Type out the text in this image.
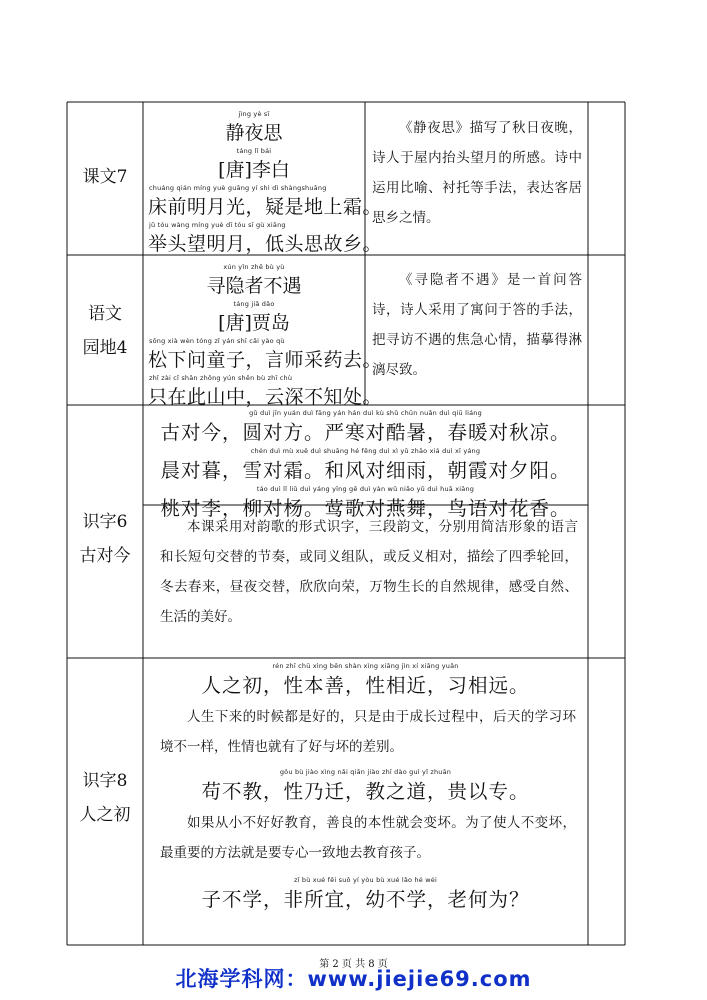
课文7
jìng yè sī
静夜思
táng lǐ bái
[唐]李白
chuáng qián míng yuè guāng yí shì dì shàngshuāng
床前明月光，疑是地上霜。
jǔ tóu wàng míng yuè dī tóu sī gù xiāng
举头望明月，低头思故乡。
《静夜思》描写了秋日夜晚，诗人于屋内抬头望月的所感。诗中运用比喻、衬托等手法，表达客居思乡之情。
语文
园地4
xún yǐn zhě bù yù
寻隐者不遇
táng jiǎ dǎo
[唐]贾岛
sōng xià wèn tóng zǐ yán shī cǎi yào qù
松下问童子，言师采药去。
zhǐ zài cǐ shān zhōng yún shēn bù zhī chù
只在此山中，云深不知处。
《寻隐者不遇》是一首问答诗，诗人采用了寓问于答的手法，把寻访不遇的焦急心情，描摹得淋漓尽致。
识字6
古对今
gǔ duì jīn yuán duì fāng yán hán duì kù shǔ chūn nuǎn duì qiū liáng
古对今，圆对方。严寒对酷暑，春暖对秋凉。
chén duì mù xuě duì shuāng hé fēng duì xì yǔ zhāo xiá duì xī yáng
晨对暮，雪对霜。和风对细雨，朝霞对夕阳。
táo duì lǐ liǔ duì yáng yīng gē duì yàn wǔ niǎo yǔ duì huā xiāng
桃对李，柳对杨。莺歌对燕舞，鸟语对花香。
本课采用对韵歌的形式识字，三段韵文，分别用简洁形象的语言和长短句交替的节奏，或同义组队，或反义相对，描绘了四季轮回，冬去春来，昼夜交替，欣欣向荣，万物生长的自然规律，感受自然、生活的美好。
识字8
人之初
rén zhī chū xìng běn shàn xìng xiāng jìn xí xiāng yuǎn
人之初，性本善，性相近，习相远。
人生下来的时候都是好的，只是由于成长过程中，后天的学习环境不一样，性情也就有了好与坏的差别。
gǒu bù jiào xìng nǎi qiān jiào zhī dào guì yǐ zhuān
苟不教，性乃迁，教之道，贵以专。
如果从小不好好教育，善良的本性就会变坏。为了使人不变坏，最重要的方法就是要专心一致地去教育孩子。
zǐ bù xué fēi suǒ yí yòu bù xué lǎo hé wéi
子不学，非所宜，幼不学，老何为？
第 2 页 共 8 页
北海学科网：www.jiejie69.com
